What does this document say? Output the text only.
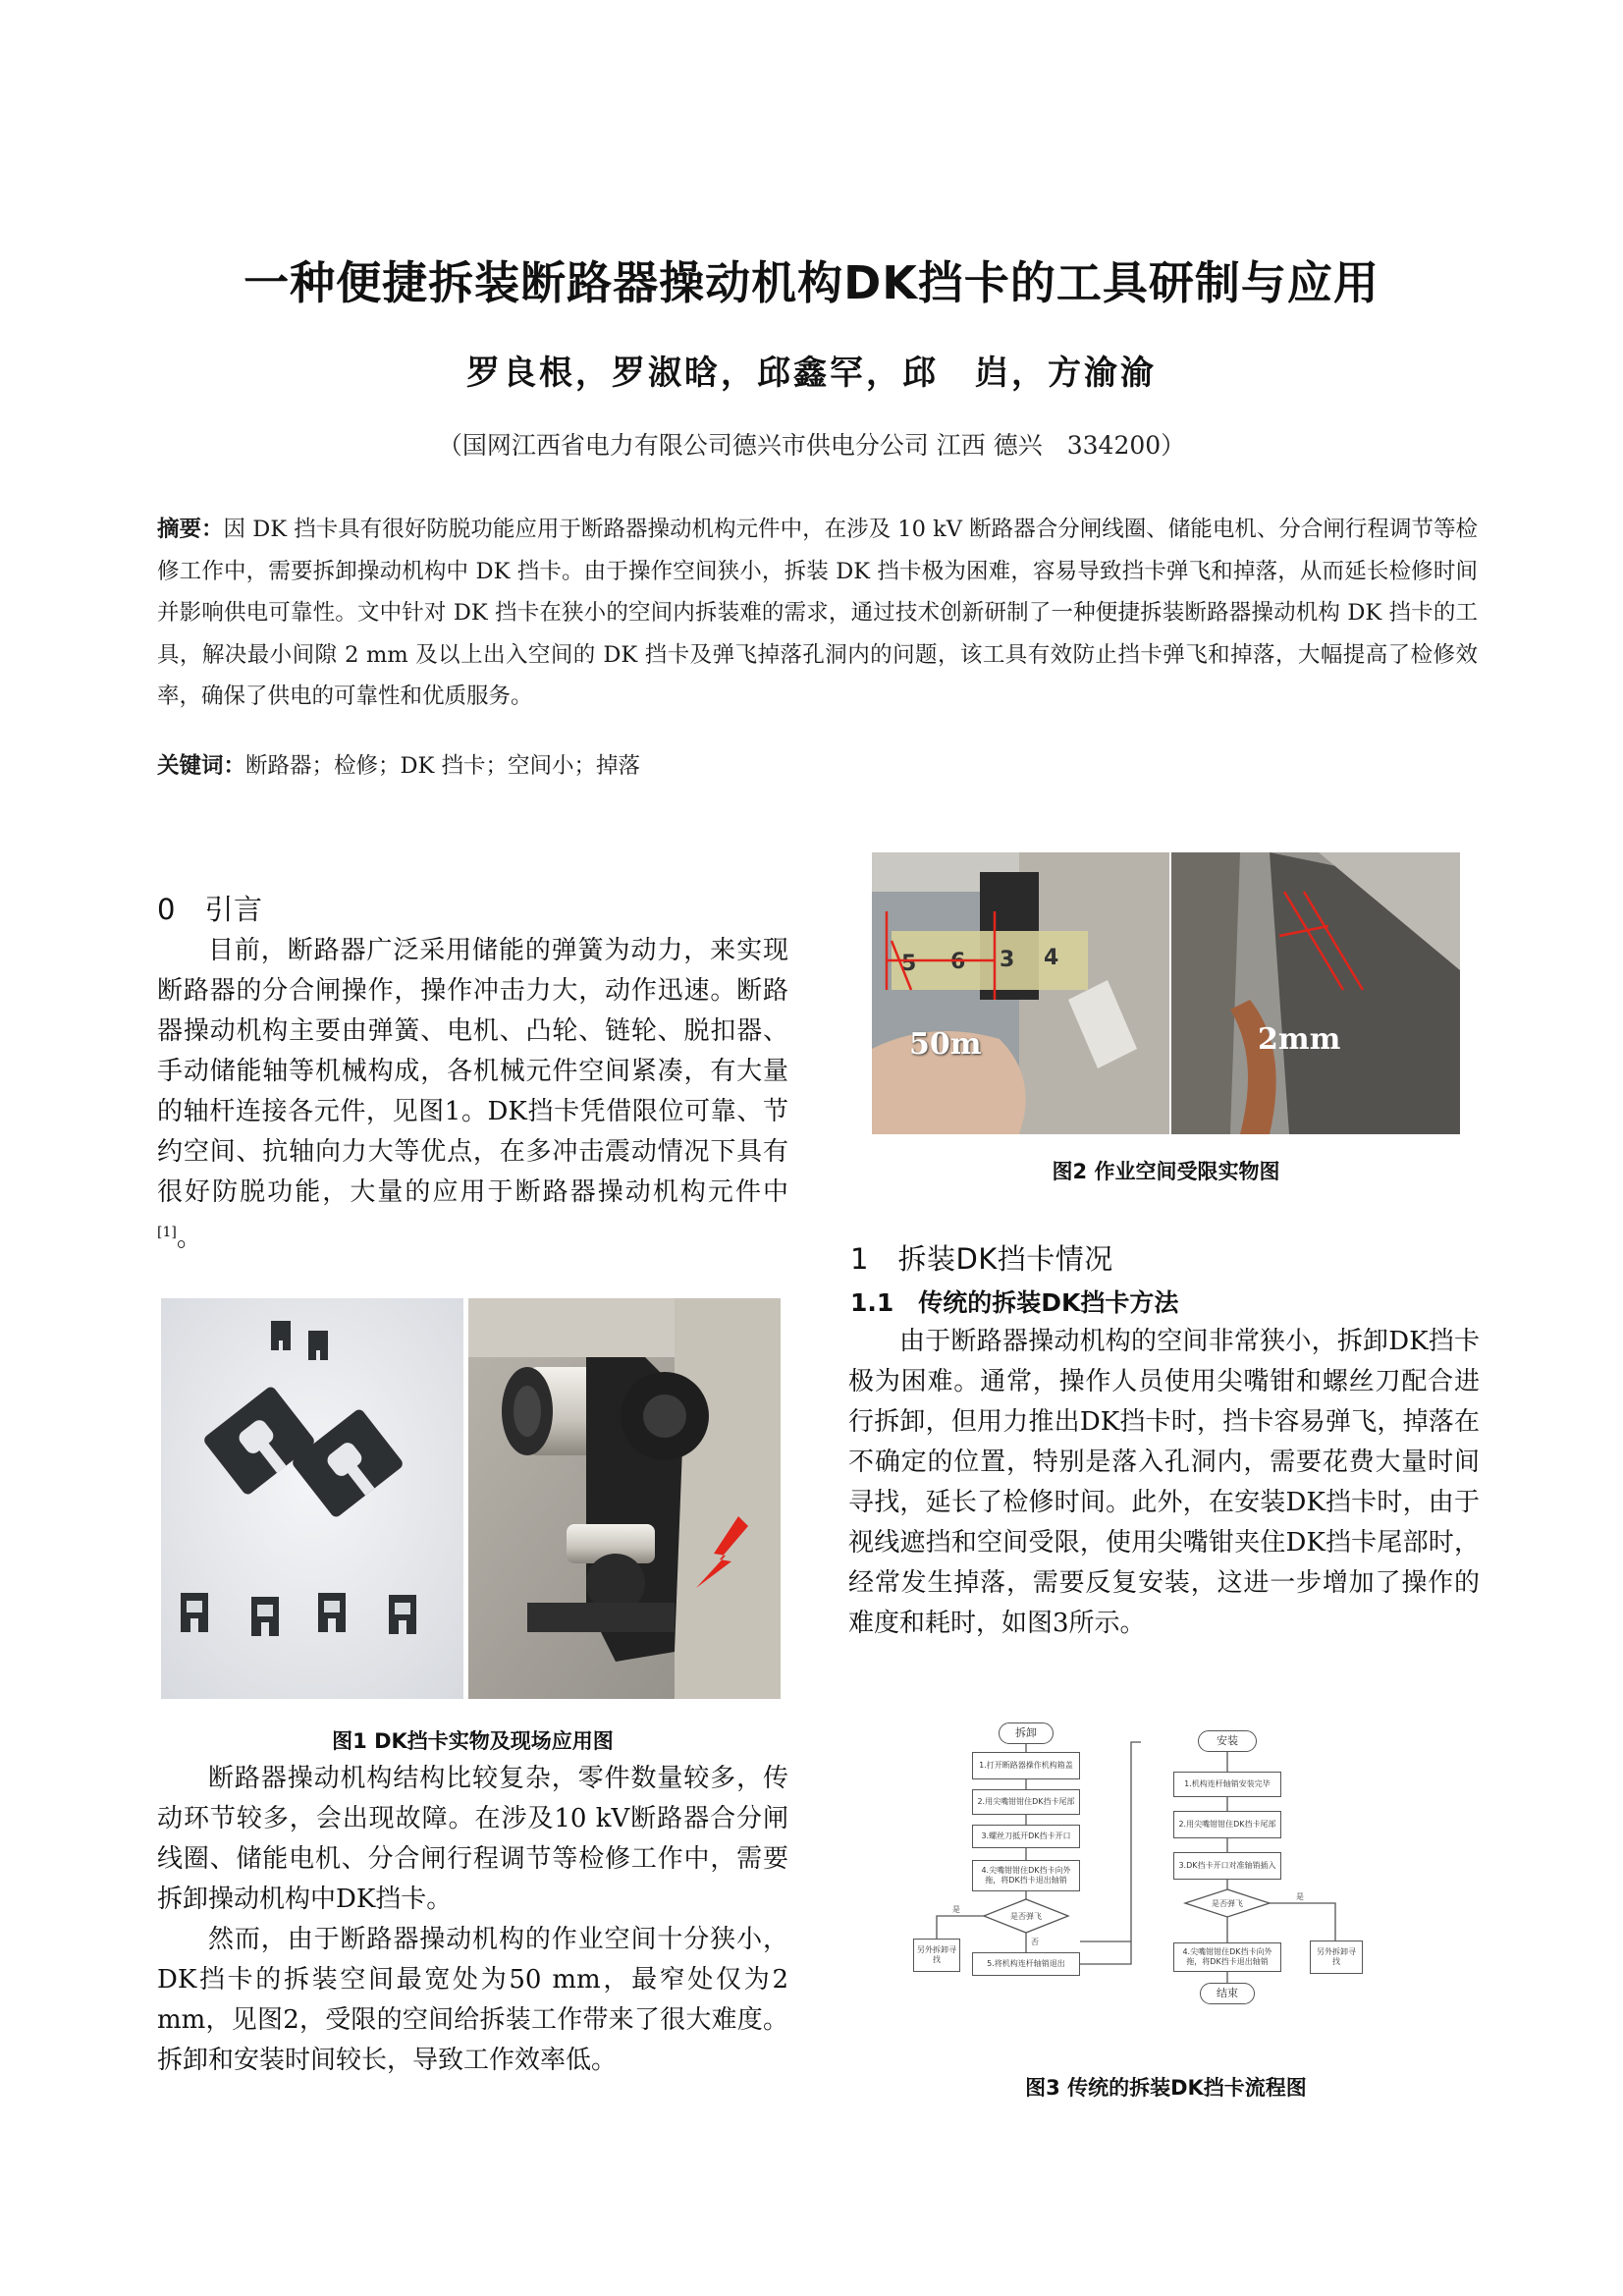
一种便捷拆装断路器操动机构DK挡卡的工具研制与应用
罗良根，罗淑晗，邱鑫罕，邱　岿，方渝渝
（国网江西省电力有限公司德兴市供电分公司 江西 德兴　334200）
摘要：因 DK 挡卡具有很好防脱功能应用于断路器操动机构元件中，在涉及 10 kV 断路器合分闸线圈、储能电机、分合闸行程调节等检修工作中，需要拆卸操动机构中 DK 挡卡。由于操作空间狭小，拆装 DK 挡卡极为困难，容易导致挡卡弹飞和掉落，从而延长检修时间并影响供电可靠性。文中针对 DK 挡卡在狭小的空间内拆装难的需求，通过技术创新研制了一种便捷拆装断路器操动机构 DK 挡卡的工具，解决最小间隙 2 mm 及以上出入空间的 DK 挡卡及弹飞掉落孔洞内的问题，该工具有效防止挡卡弹飞和掉落，大幅提高了检修效率，确保了供电的可靠性和优质服务。
关键词：断路器；检修；DK 挡卡；空间小；掉落
0　引言
目前，断路器广泛采用储能的弹簧为动力，来实现断路器的分合闸操作，操作冲击力大，动作迅速。断路器操动机构主要由弹簧、电机、凸轮、链轮、脱扣器、手动储能轴等机械构成，各机械元件空间紧凑，有大量的轴杆连接各元件，见图1。DK挡卡凭借限位可靠、节约空间、抗轴向力大等优点，在多冲击震动情况下具有很好防脱功能，大量的应用于断路器操动机构元件中[1]。
图1 DK挡卡实物及现场应用图
断路器操动机构结构比较复杂，零件数量较多，传动环节较多，会出现故障。在涉及10 kV断路器合分闸线圈、储能电机、分合闸行程调节等检修工作中，需要拆卸操动机构中DK挡卡。
然而，由于断路器操动机构的作业空间十分狭小，DK挡卡的拆装空间最宽处为50 mm，最窄处仅为2 mm，见图2，受限的空间给拆装工作带来了很大难度。拆卸和安装时间较长，导致工作效率低。
5 6 3 4
50m	2mm
图2 作业空间受限实物图
1　拆装DK挡卡情况
1.1　传统的拆装DK挡卡方法
由于断路器操动机构的空间非常狭小，拆卸DK挡卡极为困难。通常，操作人员使用尖嘴钳和螺丝刀配合进行拆卸，但用力推出DK挡卡时，挡卡容易弹飞，掉落在不确定的位置，特别是落入孔洞内，需要花费大量时间寻找，延长了检修时间。此外，在安装DK挡卡时，由于视线遮挡和空间受限，使用尖嘴钳夹住DK挡卡尾部时，经常发生掉落，需要反复安装，这进一步增加了操作的难度和耗时，如图3所示。
是否弹飞
是否弹飞
是
否
是
拆卸
1.打开断路器操作机构箱盖
2.用尖嘴钳钳住DK挡卡尾部
3.螺丝刀抵开DK挡卡开口
4.尖嘴钳钳住DK挡卡向外拖，将DK挡卡退出轴销
另外拆卸寻找	5.将机构连杆轴销退出
安装
1.机构连杆轴销安装完毕
2.用尖嘴钳钳住DK挡卡尾部
3.DK挡卡开口对准轴销插入
4.尖嘴钳钳住DK挡卡向外拖，将DK挡卡退出轴销
另外拆卸寻找
结束
图3 传统的拆装DK挡卡流程图
